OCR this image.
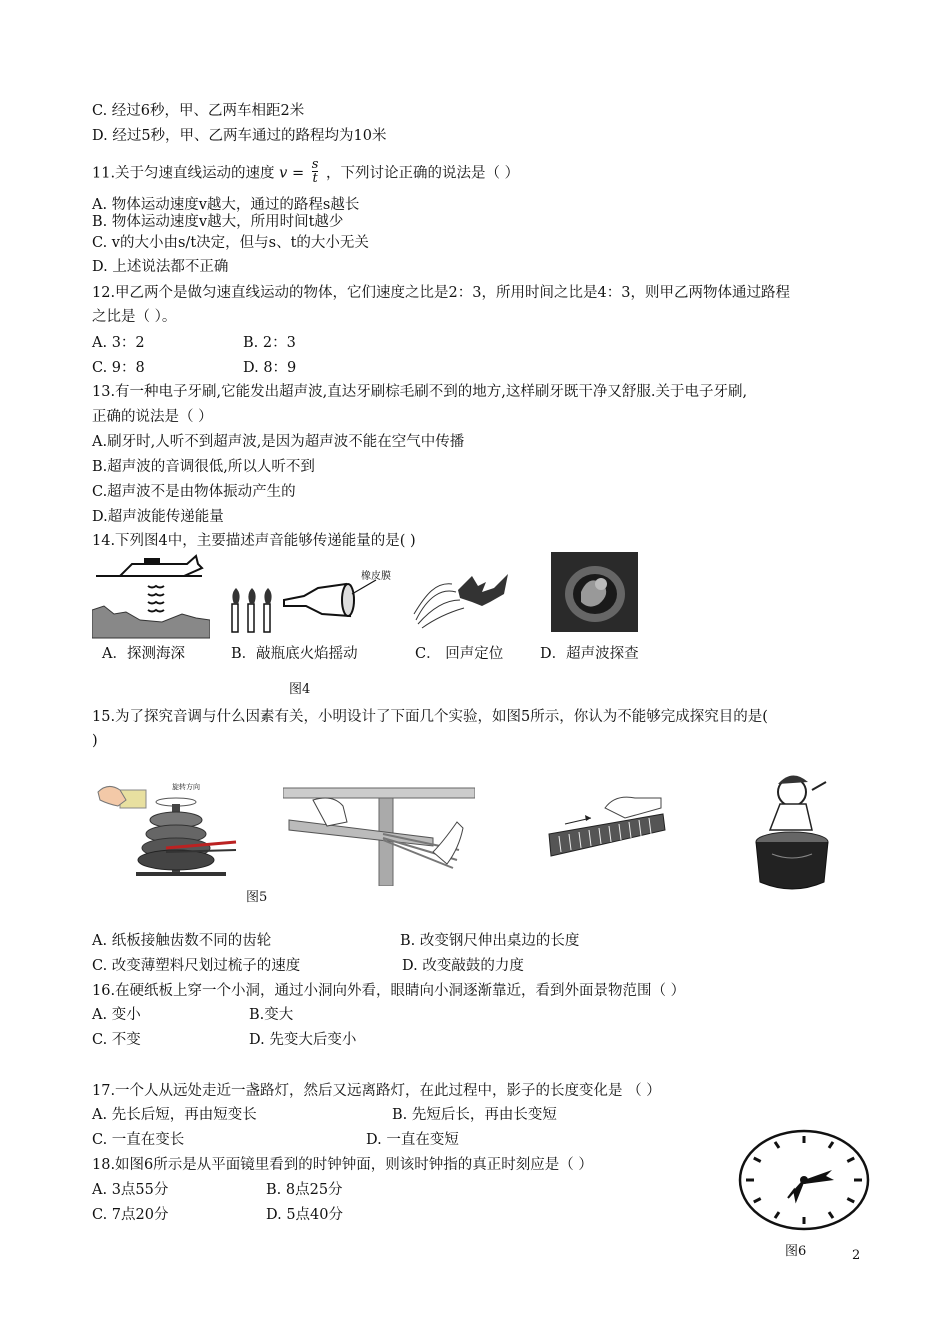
C. 经过6秒，甲、乙两车相距2米
D. 经过5秒，甲、乙两车通过的路程均为10米
11.关于匀速直线运动的速度 $v = \frac{s}{t}$ ，下列讨论正确的说法是（ ）
A. 物体运动速度v越大，通过的路程s越长
B. 物体运动速度v越大，所用时间t越少
C. v的大小由s/t决定，但与s、t的大小无关
D. 上述说法都不正确
12.甲乙两个是做匀速直线运动的物体，它们速度之比是2：3，所用时间之比是4：3，则甲乙两物体通过路程
之比是（ ）。
A. 3：2	B. 2：3
C. 9：8	D. 8：9
13.有一种电子牙刷,它能发出超声波,直达牙刷棕毛刷不到的地方,这样刷牙既干净又舒服.关于电子牙刷,
正确的说法是（ ）
A.刷牙时,人听不到超声波,是因为超声波不能在空气中传播
B.超声波的音调很低,所以人听不到
C.超声波不是由物体振动产生的
D.超声波能传递能量
14.下列图4中，主要描述声音能够传递能量的是( )
橡皮膜
A．探测海深	B．敲瓶底火焰摇动	C． 回声定位	D．超声波探查
图4
15.为了探究音调与什么因素有关，小明设计了下面几个实验，如图5所示，你认为不能够完成探究目的是(
)
旋转方向
图5
A. 纸板接触齿数不同的齿轮	B. 改变钢尺伸出桌边的长度
C. 改变薄塑料尺划过梳子的速度	D. 改变敲鼓的力度
16.在硬纸板上穿一个小洞，通过小洞向外看，眼睛向小洞逐渐靠近，看到外面景物范围（ ）
A. 变小	B.变大
C. 不变	D. 先变大后变小
17.一个人从远处走近一盏路灯，然后又远离路灯，在此过程中，影子的长度变化是 （ ）
A. 先长后短，再由短变长	B. 先短后长，再由长变短
C. 一直在变长	D. 一直在变短
18.如图6所示是从平面镜里看到的时钟钟面，则该时钟指的真正时刻应是（ ）
A. 3点55分	B. 8点25分
C. 7点20分	D. 5点40分
图6	2
